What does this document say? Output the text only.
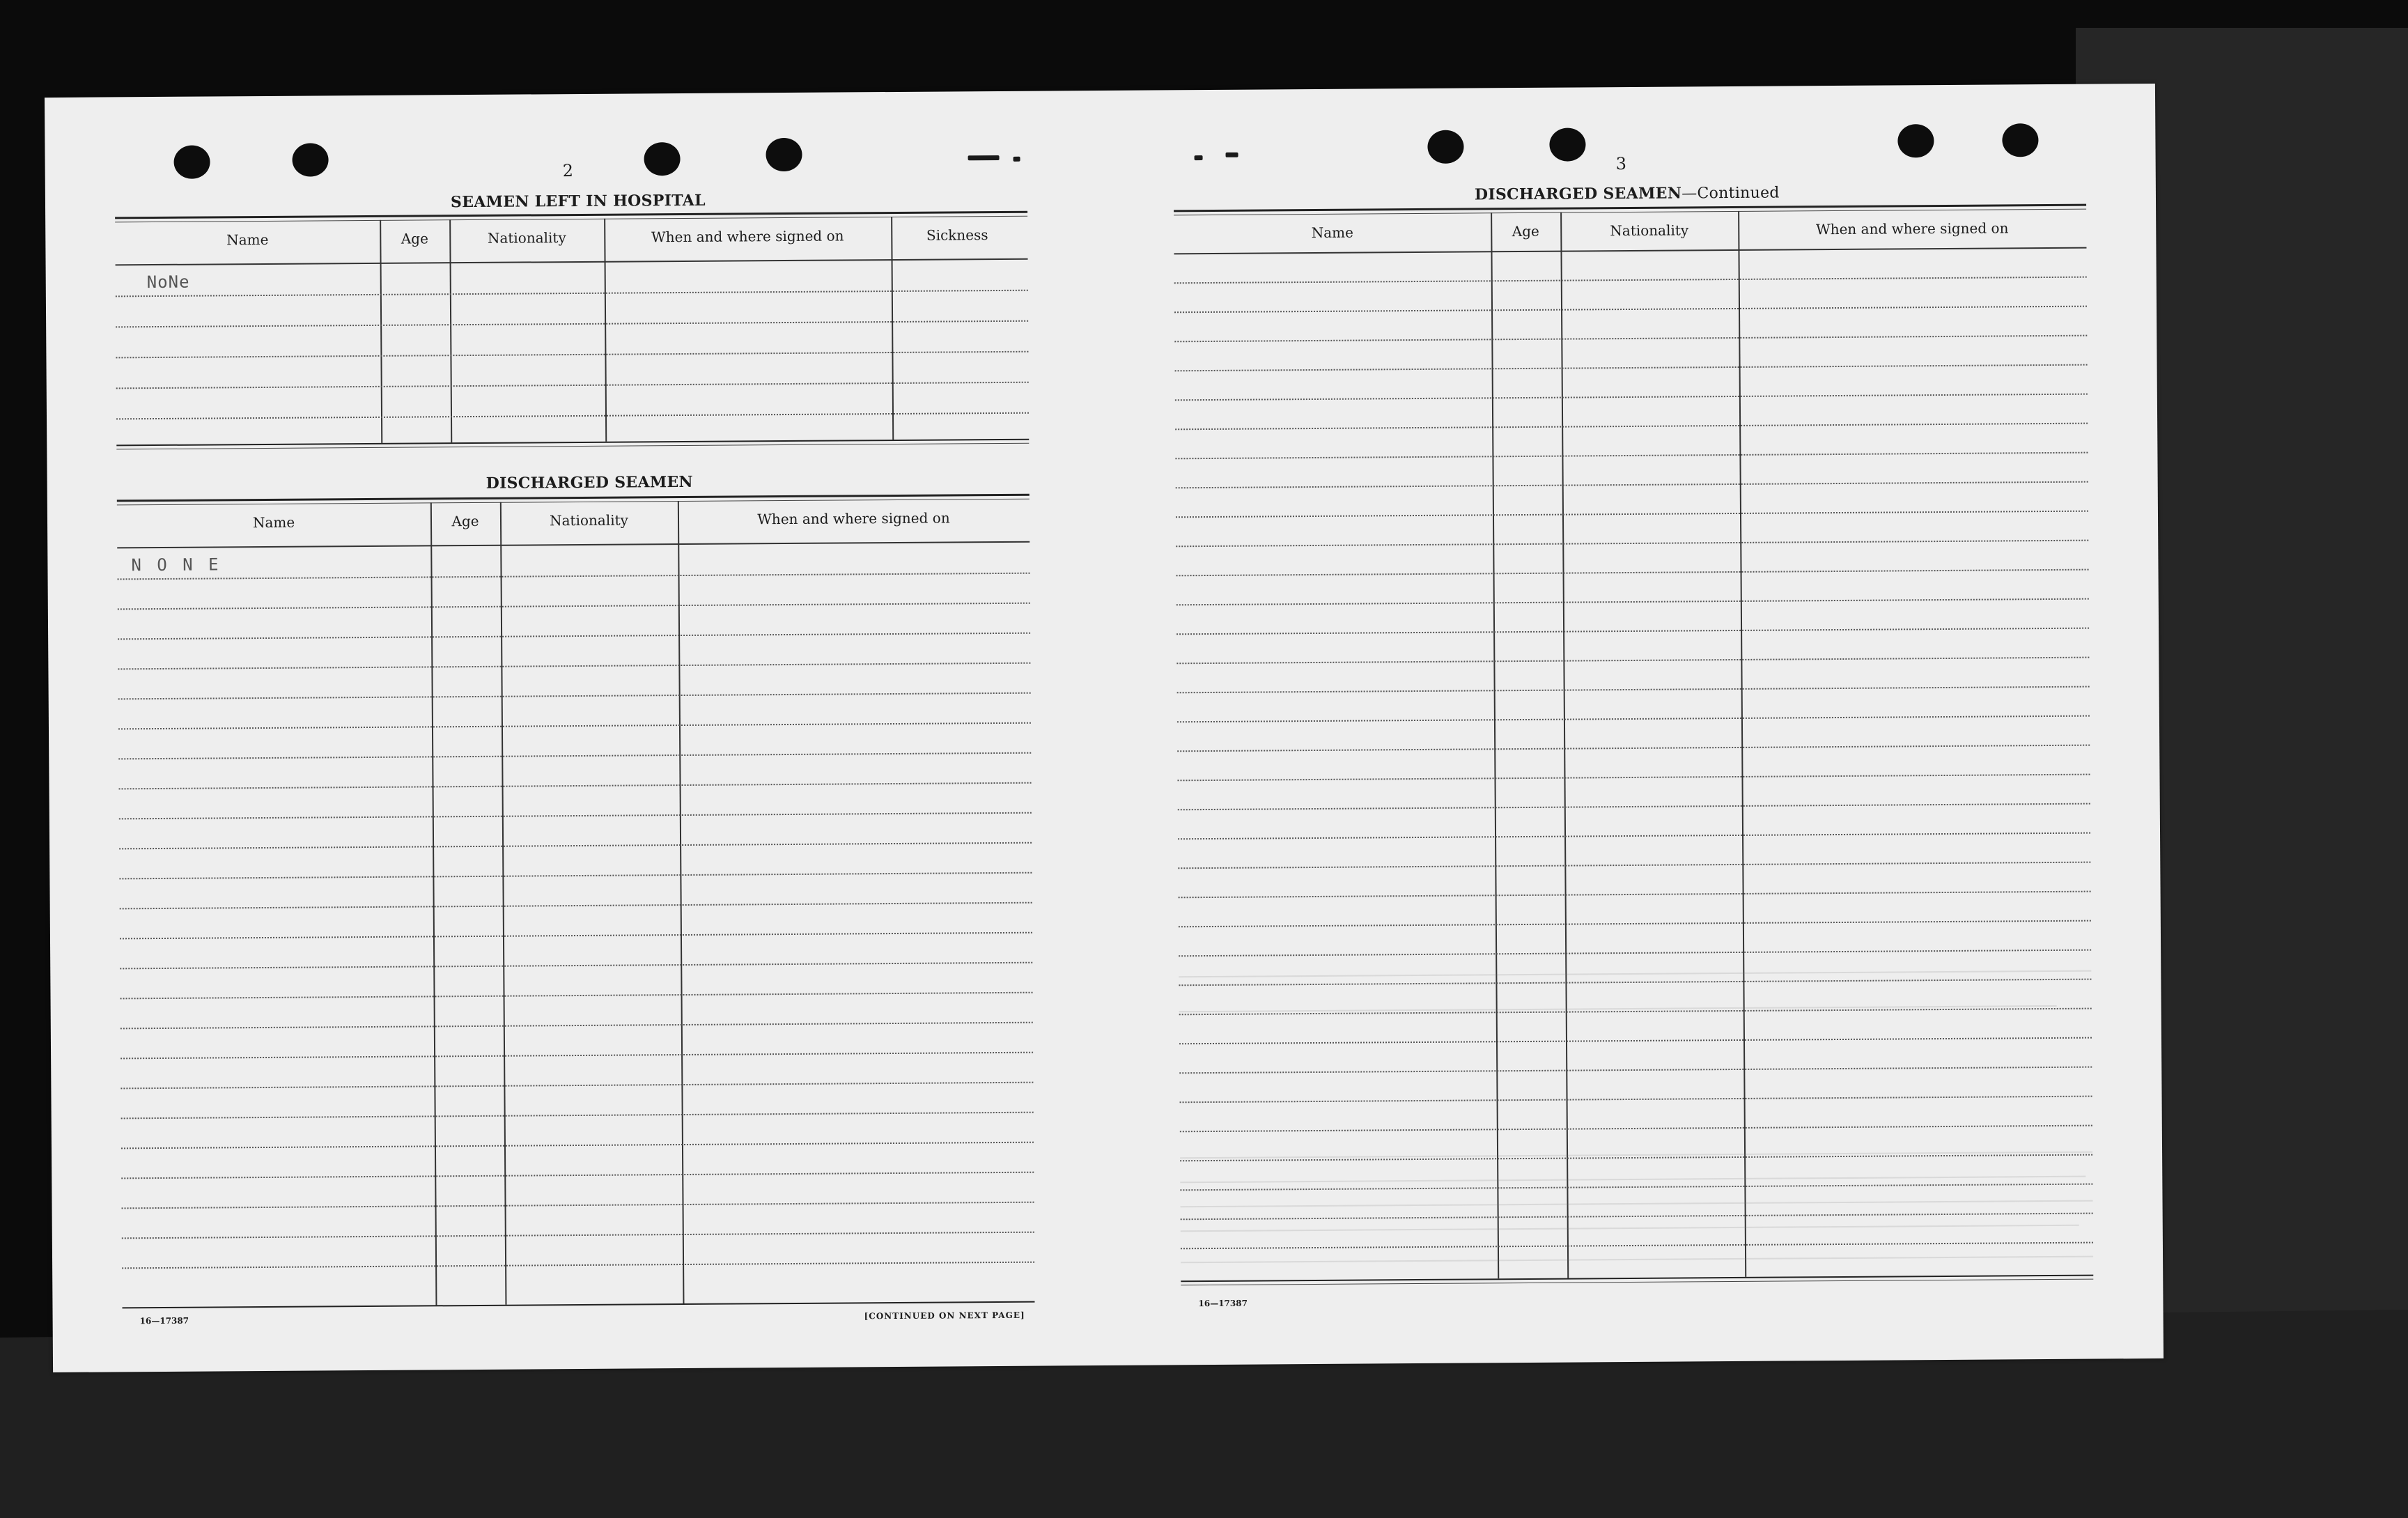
2
SEAMEN LEFT IN HOSPITAL
Name	Age	Nationality	When and where signed on	Sickness
NoNe
DISCHARGED SEAMEN
Name	Age	Nationality	When and where signed on
N O N E
16—17387	[CONTINUED ON NEXT PAGE]
3
DISCHARGED SEAMEN—Continued
Name	Age	Nationality	When and where signed on
16—17387
